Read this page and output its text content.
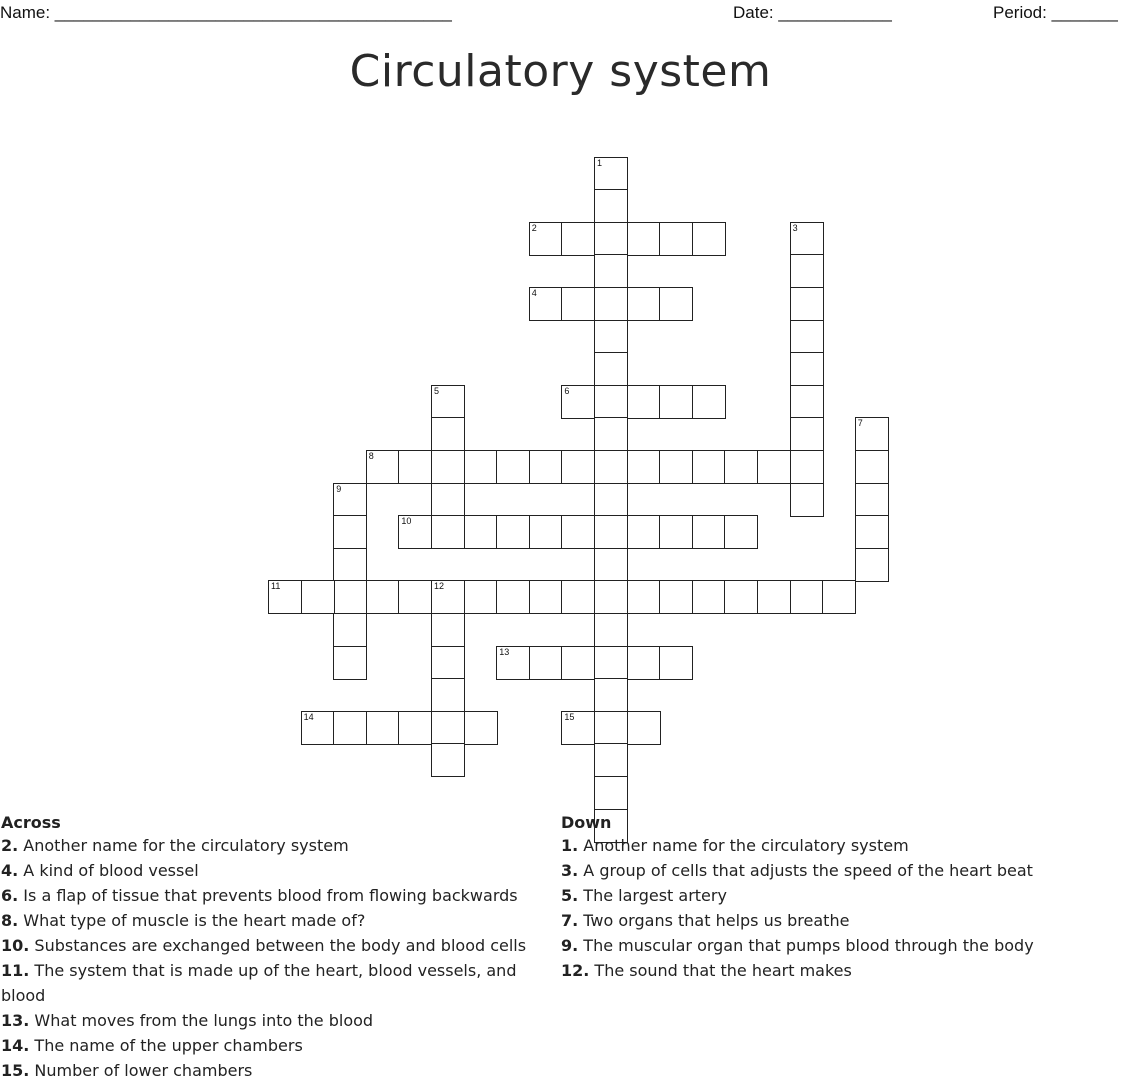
Name: __________________________________________	Date: ____________	Period: _______
Circulatory system
1
2	3
4
5	6
7
8
9
10
11	12
13
14	15
Across
2. Another name for the circulatory system
4. A kind of blood vessel
6. Is a flap of tissue that prevents blood from flowing backwards
8. What type of muscle is the heart made of?
10. Substances are exchanged between the body and blood cells
11. The system that is made up of the heart, blood vessels, and blood
13. What moves from the lungs into the blood
14. The name of the upper chambers
15. Number of lower chambers
Down
1. Another name for the circulatory system
3. A group of cells that adjusts the speed of the heart beat
5. The largest artery
7. Two organs that helps us breathe
9. The muscular organ that pumps blood through the body
12. The sound that the heart makes
